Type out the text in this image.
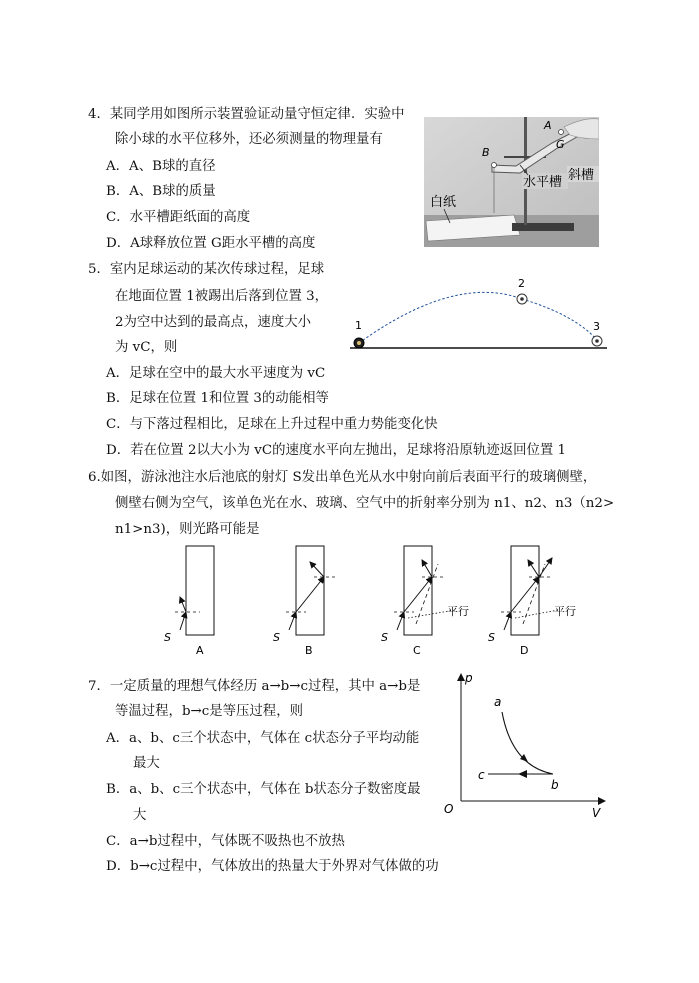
4．某同学用如图所示装置验证动量守恒定律．实验中
除小球的水平位移外，还必须测量的物理量有
A．A、B球的直径
B．A、B球的质量
C．水平槽距纸面的高度
D．A球释放位置 G距水平槽的高度
A
G
B
斜槽
水平槽
白纸
5．室内足球运动的某次传球过程，足球
在地面位置 1被踢出后落到位置 3，
2为空中达到的最高点，速度大小
为 vC，则
A．足球在空中的最大水平速度为 vC
B．足球在位置 1和位置 3的动能相等
C．与下落过程相比，足球在上升过程中重力势能变化快
D．若在位置 2以大小为 vC的速度水平向左抛出，足球将沿原轨迹返回位置 1
1
2
3
6.如图，游泳池注水后池底的射灯 S发出单色光从水中射向前后表面平行的玻璃侧壁，
侧壁右侧为空气，该单色光在水、玻璃、空气中的折射率分别为 n1、n2、n3（n2>
n1>n3)，则光路可能是
S
A
S
B
S
平行
C
S
平行
D
7．一定质量的理想气体经历 a→b→c过程，其中 a→b是
等温过程，b→c是等压过程，则
A．a、b、c三个状态中，气体在 c状态分子平均动能
最大
B．a、b、c三个状态中，气体在 b状态分子数密度最
大
C．a→b过程中，气体既不吸热也不放热
D．b→c过程中，气体放出的热量大于外界对气体做的功
p
V
O
a
b
c
